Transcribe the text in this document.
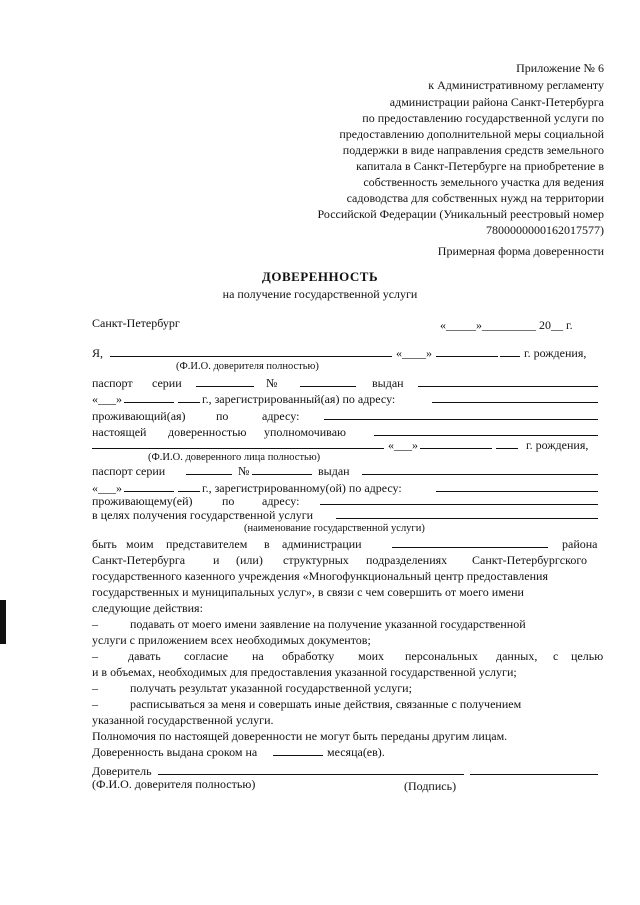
Приложение № 6
к Административному регламенту
администрации района Санкт-Петербурга
по предоставлению государственной услуги по
предоставлению дополнительной меры социальной
поддержки в виде направления средств земельного
капитала в Санкт-Петербурге на приобретение в
собственность земельного участка для ведения
садоводства для собственных нужд на территории
Российской Федерации (Уникальный реестровый номер
7800000000162017577)
Примерная форма доверенности
ДОВЕРЕННОСТЬ
на получение государственной услуги
Санкт-Петербург	«_____»_________ 20__ г.
Я,	«____»	г. рождения,
(Ф.И.О. доверителя полностью)
паспорт серии	№	выдан
«___»	г., зарегистрированный(ая) по адресу:
проживающий(ая)	по	адресу:
настоящей доверенностью уполномочиваю
«___»	г. рождения,
(Ф.И.О. доверенного лица полностью)
паспорт серии	№	выдан
«___»	г., зарегистрированному(ой) по адресу:
проживающему(ей) по адресу:
в целях получения государственной услуги
(наименование государственной услуги)
быть моим представителем в администрации	района
Санкт-Петербурга и (или) структурных подразделениях Санкт-Петербургского
государственного казенного учреждения «Многофункциональный центр предоставления
государственных и муниципальных услуг», в связи с чем совершить от моего имени
следующие действия:
–	подавать от моего имени заявление на получение указанной государственной
услуги с приложением всех необходимых документов;
–	давать согласие на обработку моих персональных данных, с целью
и в объемах, необходимых для предоставления указанной государственной услуги;
–	получать результат указанной государственной услуги;
–	расписываться за меня и совершать иные действия, связанные с получением
указанной государственной услуги.
Полномочия по настоящей доверенности не могут быть переданы другим лицам.
Доверенность выдана сроком на	месяца(ев).
Доверитель
(Ф.И.О. доверителя полностью)	(Подпись)
